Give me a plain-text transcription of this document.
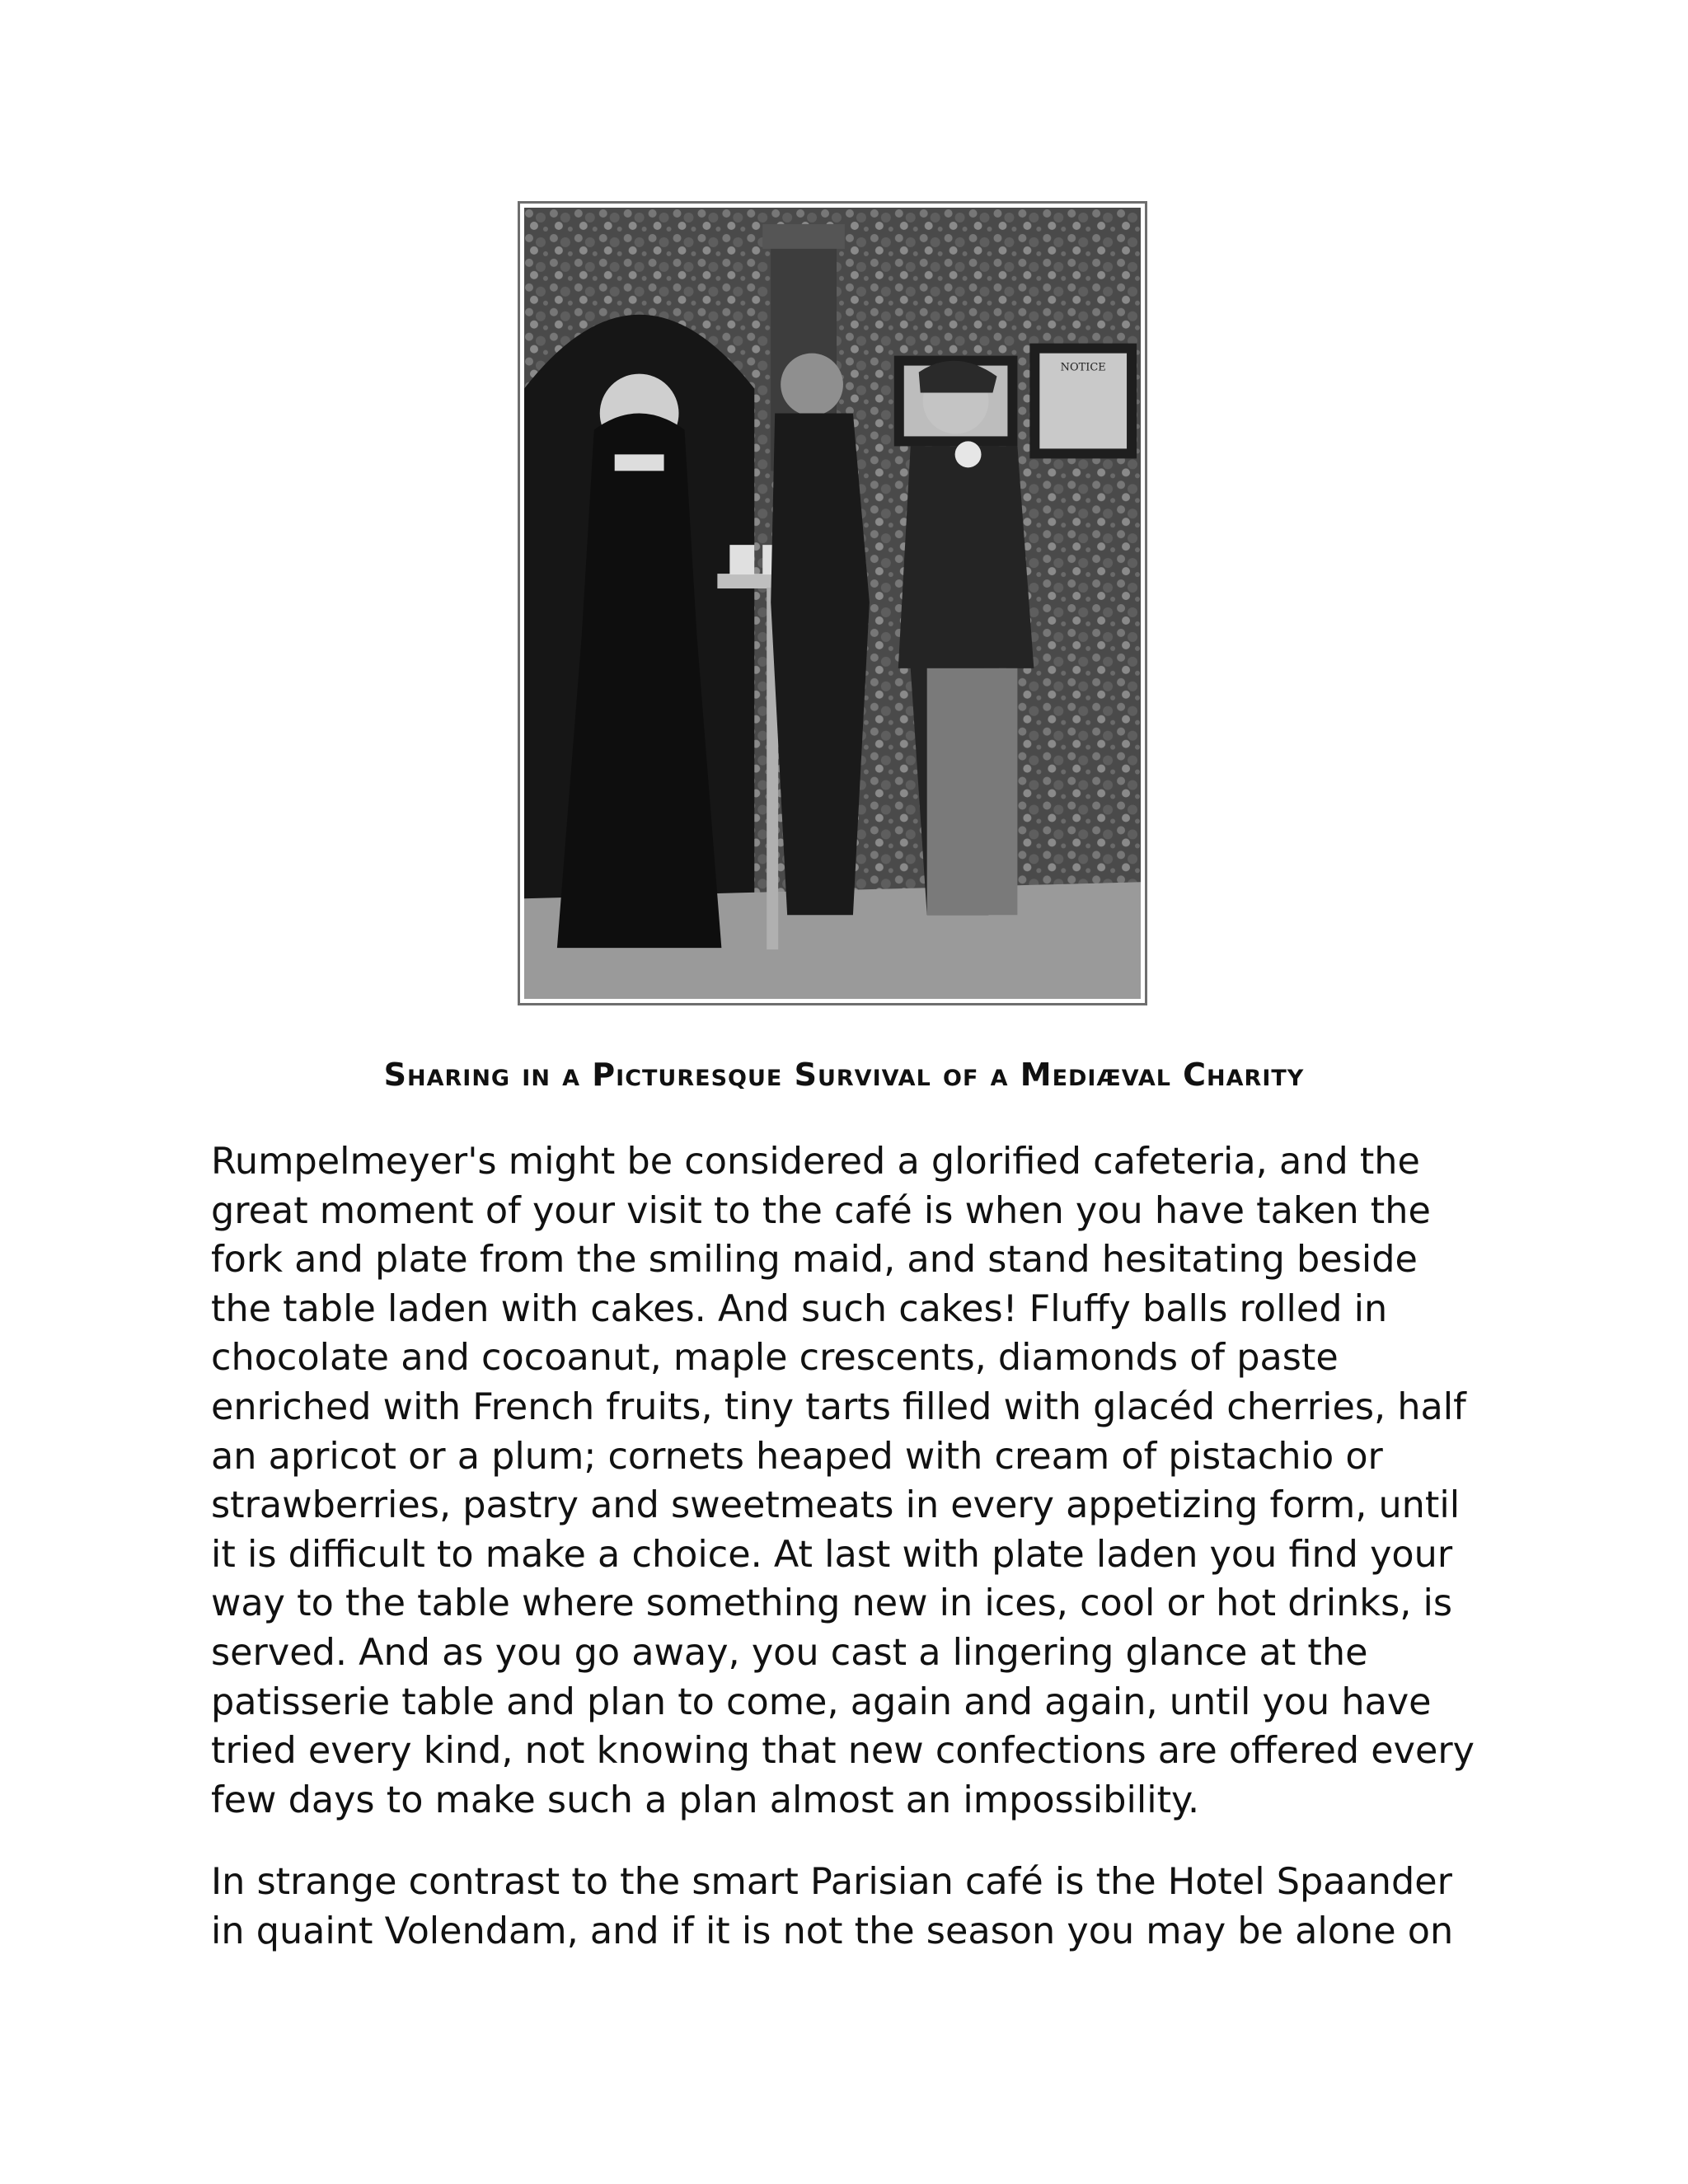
NOTICE
Sharing in a Picturesque Survival of a Mediæval Charity

Rumpelmeyer's might be considered a glorified cafeteria, and the great moment of your visit to the café is when you have taken the fork and plate from the smiling maid, and stand hesitating beside the table laden with cakes. And such cakes! Fluffy balls rolled in chocolate and cocoanut, maple crescents, diamonds of paste enriched with French fruits, tiny tarts filled with glacéd cherries, half an apricot or a plum; cornets heaped with cream of pistachio or strawberries, pastry and sweetmeats in every appetizing form, until it is difficult to make a choice. At last with plate laden you find your way to the table where something new in ices, cool or hot drinks, is served. And as you go away, you cast a lingering glance at the patisserie table and plan to come, again and again, until you have tried every kind, not knowing that new confections are offered every few days to make such a plan almost an impossibility.

In strange contrast to the smart Parisian café is the Hotel Spaander in quaint Volendam, and if it is not the season you may be alone on
